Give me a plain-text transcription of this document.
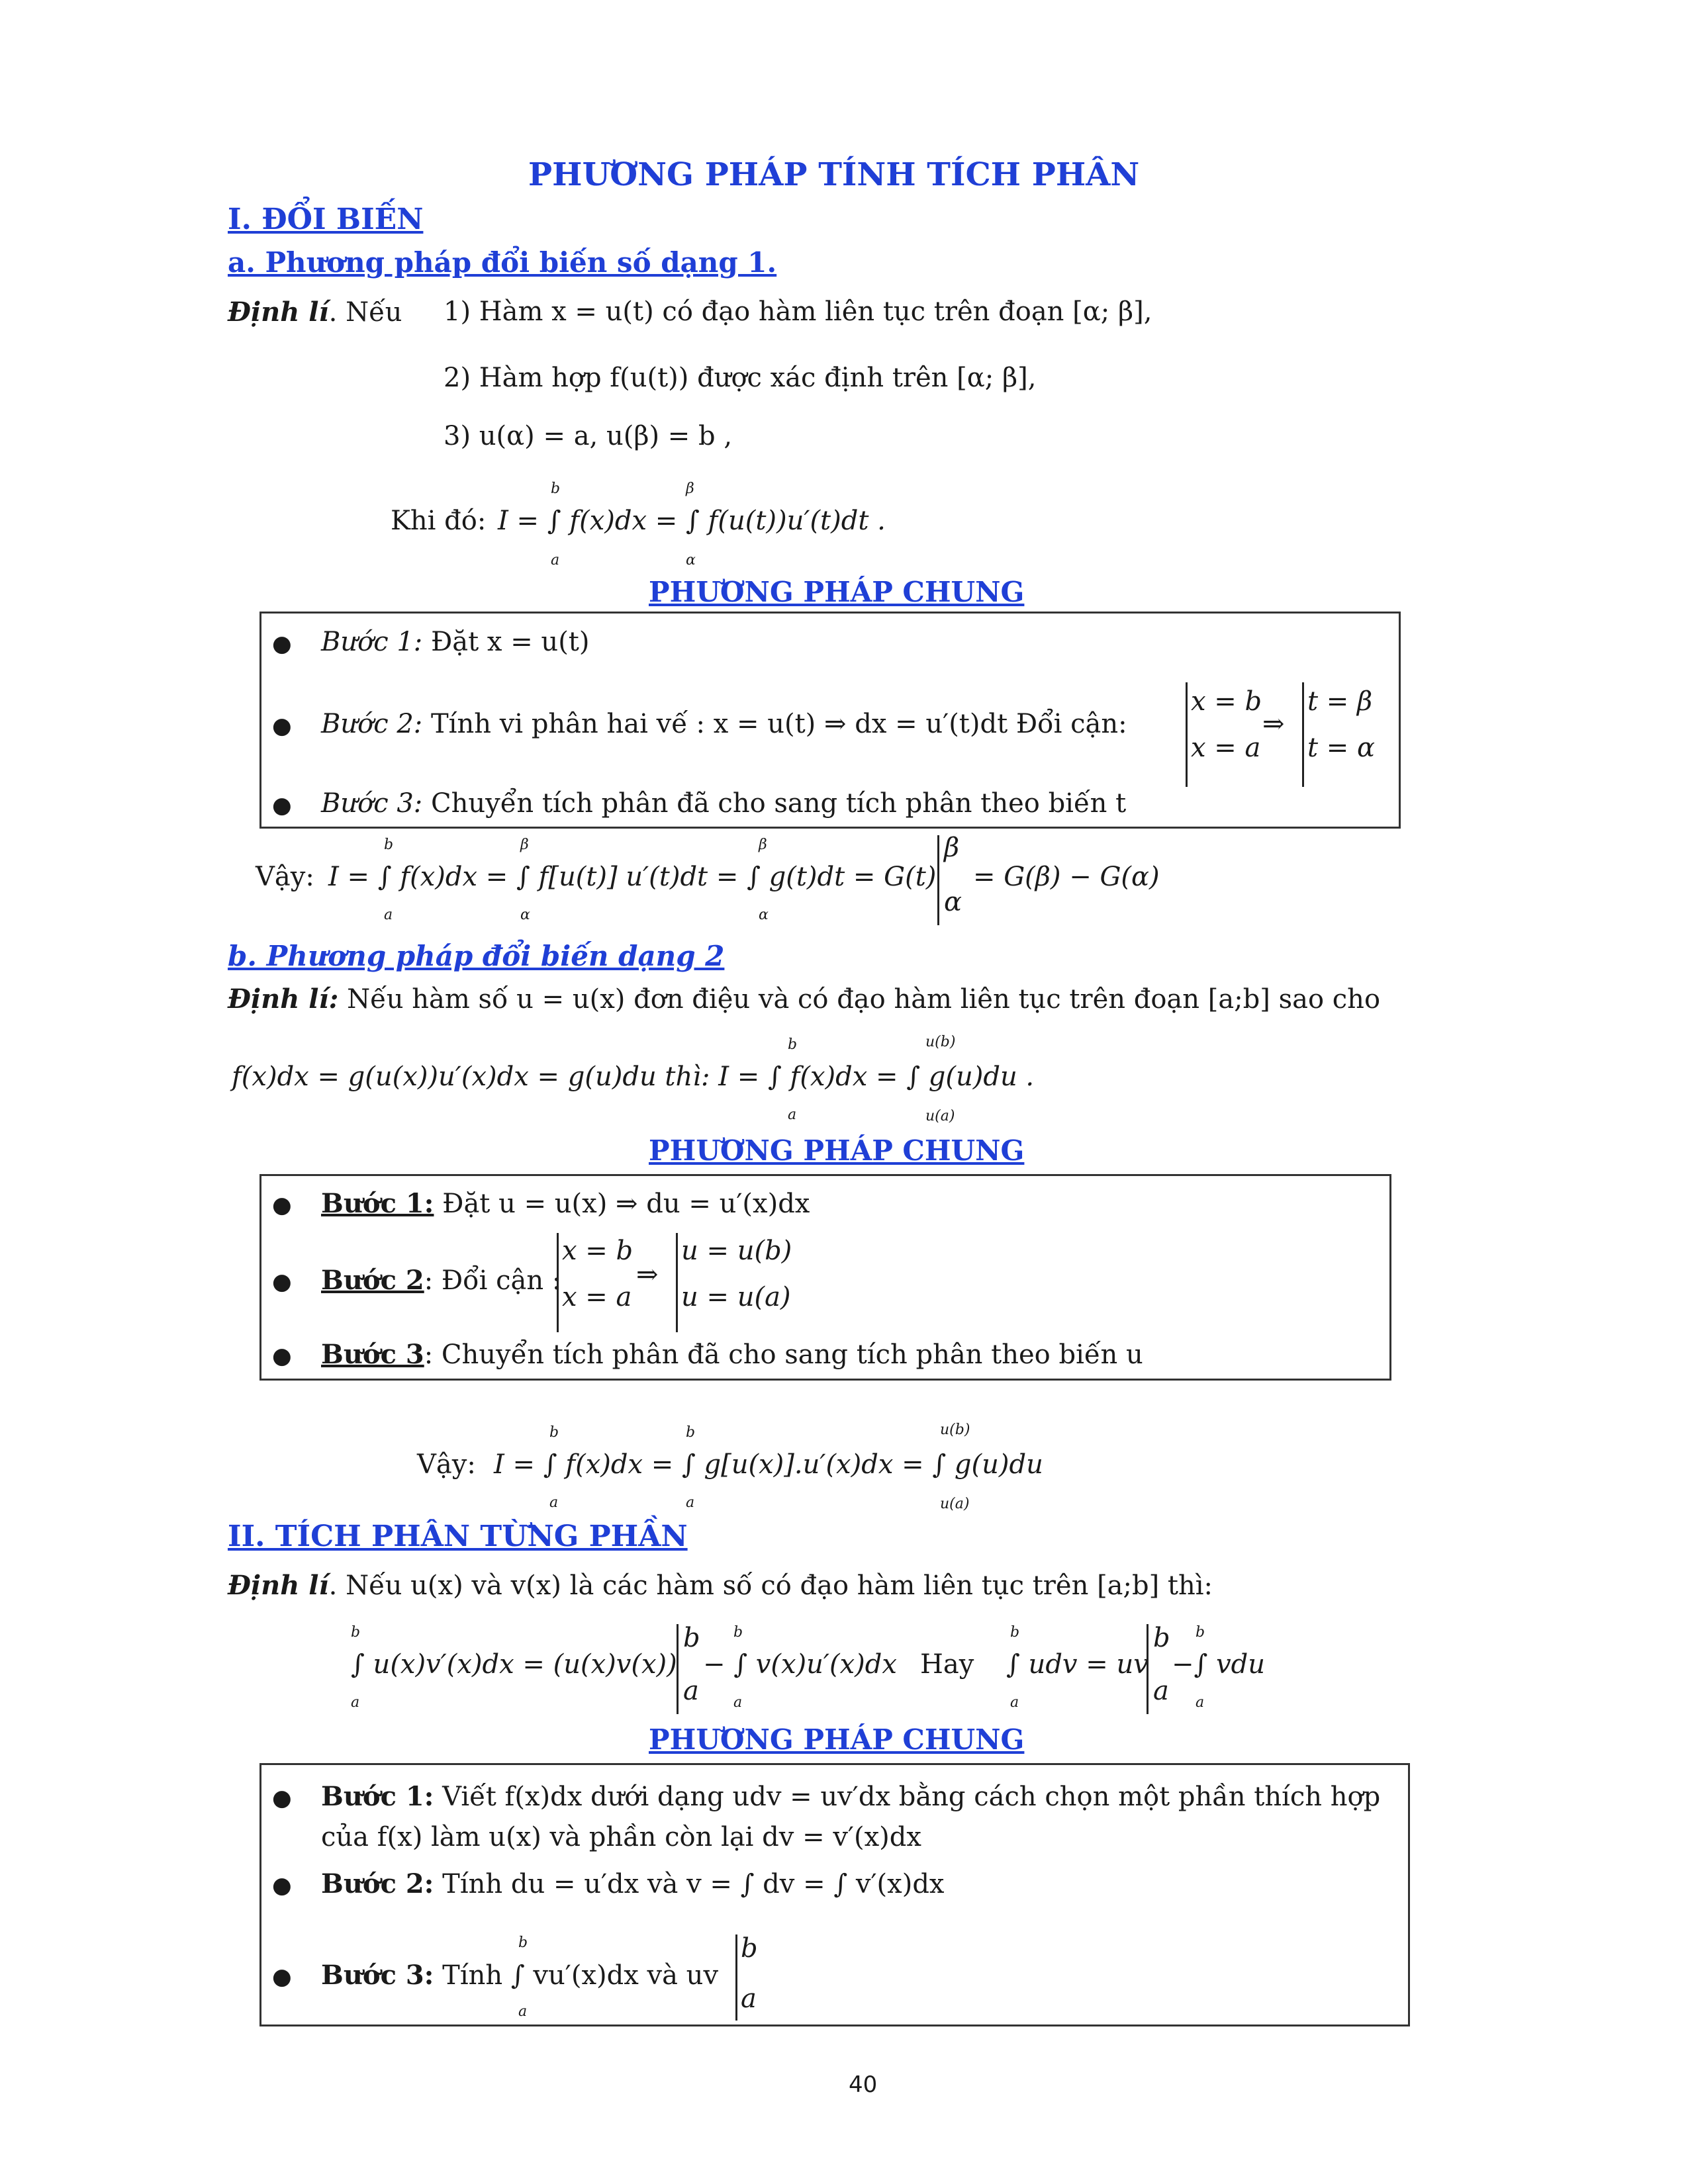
PHƯƠNG PHÁP TÍNH TÍCH PHÂN
I. ĐỔI BIẾN
a. Phương pháp đổi biến số dạng 1.
Định lí. Nếu 1) Hàm x = u(t) có đạo hàm liên tục trên đoạn [α; β],
2) Hàm hợp f(u(t)) được xác định trên [α; β],
3) u(α) = a, u(β) = b ,
Khi đó: I = ∫ f(x)dx = ∫ f(u(t))u′(t)dt .
b
a
β
α
PHƯƠNG PHÁP CHUNG
● Bước 1: Đặt x = u(t)
● Bước 2: Tính vi phân hai vế : x = u(t) ⇒ dx = u′(t)dt Đổi cận:
x = b
x = a
⇒
t = β
t = α
● Bước 3: Chuyển tích phân đã cho sang tích phân theo biến t
Vậy: I = ∫ f(x)dx = ∫ f[u(t)] u′(t)dt = ∫ g(t)dt = G(t)
b
a
β
α
β
α
β
α
= G(β) − G(α)
b. Phương pháp đổi biến dạng 2
Định lí: Nếu hàm số u = u(x) đơn điệu và có đạo hàm liên tục trên đoạn [a;b] sao cho
f(x)dx = g(u(x))u′(x)dx = g(u)du thì: I = ∫ f(x)dx = ∫ g(u)du .
b
a
u(b)
u(a)
PHƯƠNG PHÁP CHUNG
● Bước 1: Đặt u = u(x) ⇒ du = u′(x)dx
● Bước 2: Đổi cận :
x = b
x = a
⇒
u = u(b)
u = u(a)
● Bước 3: Chuyển tích phân đã cho sang tích phân theo biến u
Vậy: I = ∫ f(x)dx = ∫ g[u(x)].u′(x)dx = ∫ g(u)du
b
a
b
a
u(b)
u(a)
II. TÍCH PHÂN TỪNG PHẦN
Định lí. Nếu u(x) và v(x) là các hàm số có đạo hàm liên tục trên [a;b] thì:
∫ u(x)v′(x)dx = (u(x)v(x))
b
a
b
a
− ∫ v(x)u′(x)dx
b
a
Hay ∫ udv = uv
b
a
b
a
−∫ vdu
b
a
PHƯƠNG PHÁP CHUNG
● Bước 1: Viết f(x)dx dưới dạng udv = uv′dx bằng cách chọn một phần thích hợp
của f(x) làm u(x) và phần còn lại dv = v′(x)dx
● Bước 2: Tính du = u′dx và v = ∫ dv = ∫ v′(x)dx
● Bước 3: Tính ∫ vu′(x)dx và uv
b
a
b
a
40
